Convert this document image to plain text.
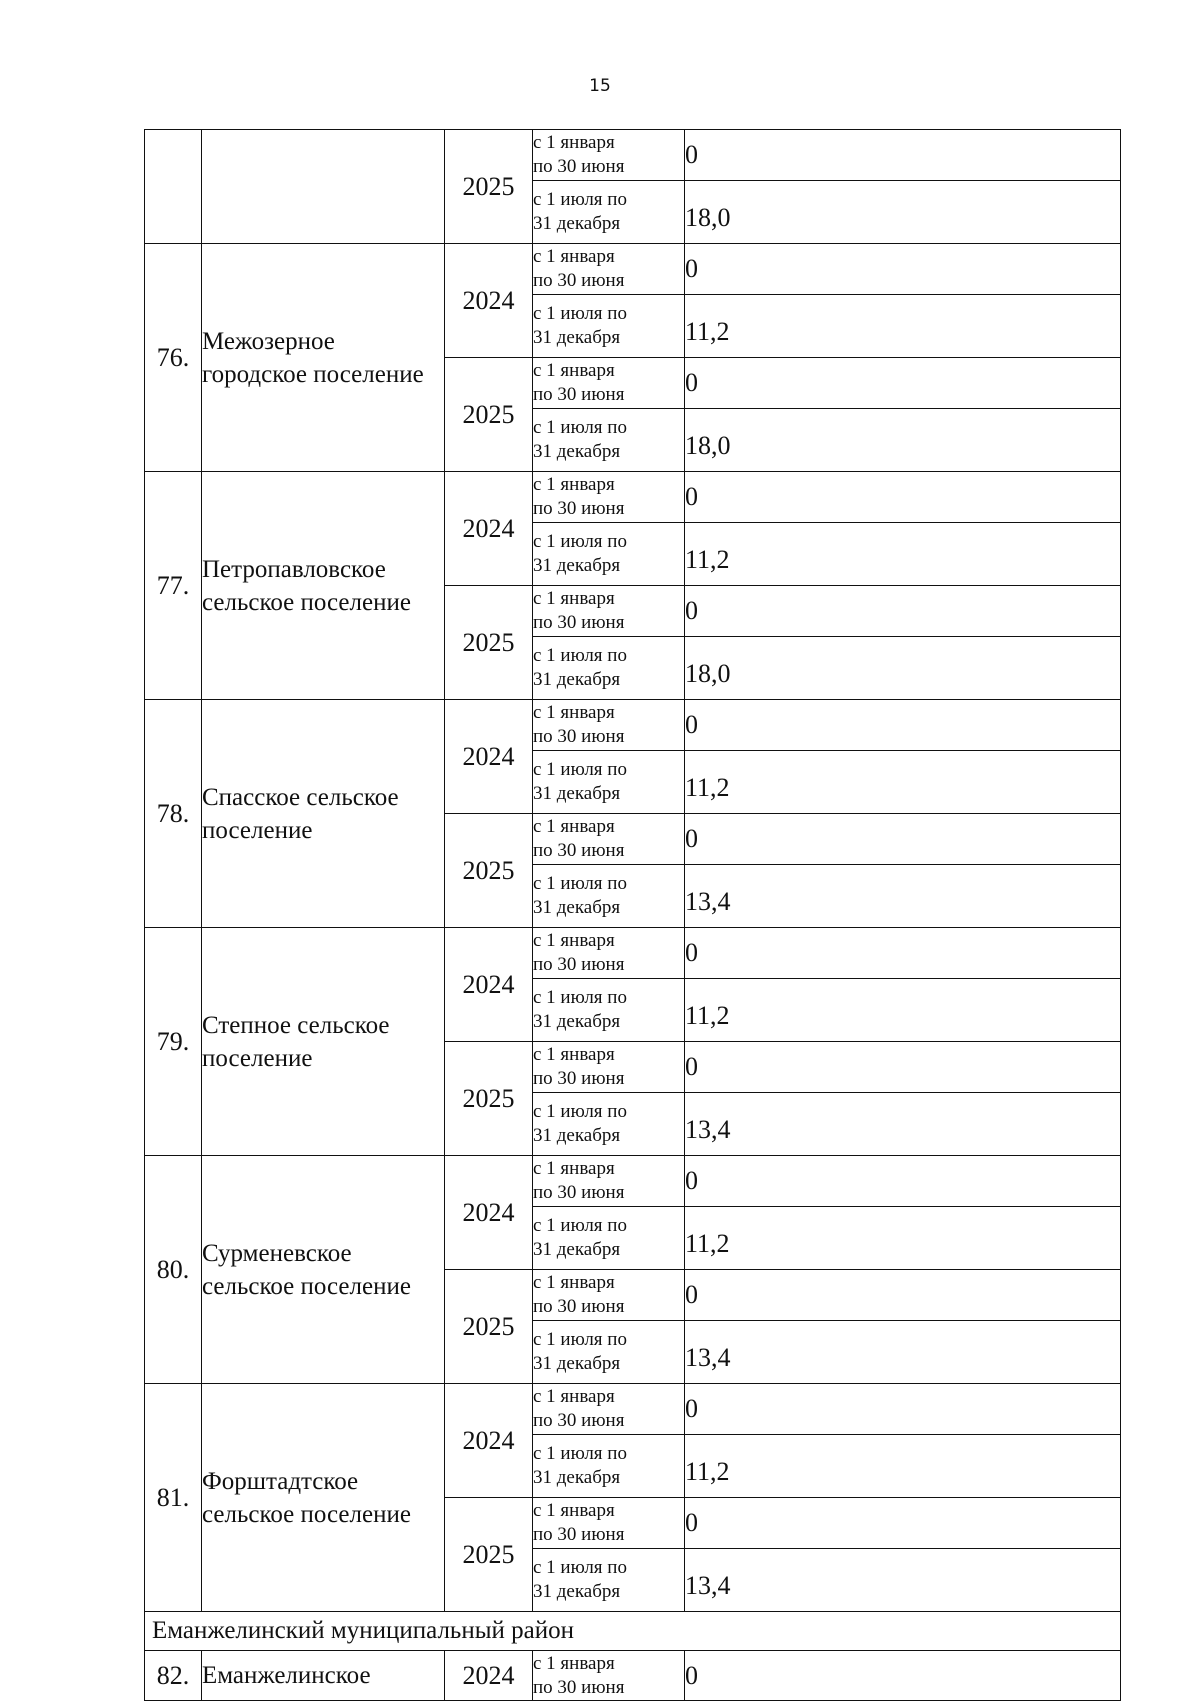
15
		2025	с 1 января
по 30 июня	0

			с 1 июля по
31 декабря	18,0
76.	Межозерное городское поселение	2024	с 1 января
по 30 июня	0

			с 1 июля по
31 декабря	11,2
		2025	с 1 января
по 30 июня	0

			с 1 июля по
31 декабря	18,0
77.	Петропавловское сельское поселение	2024	с 1 января
по 30 июня	0

			с 1 июля по
31 декабря	11,2
		2025	с 1 января
по 30 июня	0

			с 1 июля по
31 декабря	18,0
78.	Спасское сельское поселение	2024	с 1 января
по 30 июня	0

			с 1 июля по
31 декабря	11,2
		2025	с 1 января
по 30 июня	0

			с 1 июля по
31 декабря	13,4
79.	Степное сельское поселение	2024	с 1 января
по 30 июня	0

			с 1 июля по
31 декабря	11,2
		2025	с 1 января
по 30 июня	0

			с 1 июля по
31 декабря	13,4
80.	Сурменевское сельское поселение	2024	с 1 января
по 30 июня	0

			с 1 июля по
31 декабря	11,2
		2025	с 1 января
по 30 июня	0

			с 1 июля по
31 декабря	13,4
81.	Форштадтское сельское поселение	2024	с 1 января
по 30 июня	0

			с 1 июля по
31 декабря	11,2
		2025	с 1 января
по 30 июня	0

			с 1 июля по
31 декабря	13,4
Еманжелинский муниципальный район				
82.	Еманжелинское	2024	с 1 января
по 30 июня	0
